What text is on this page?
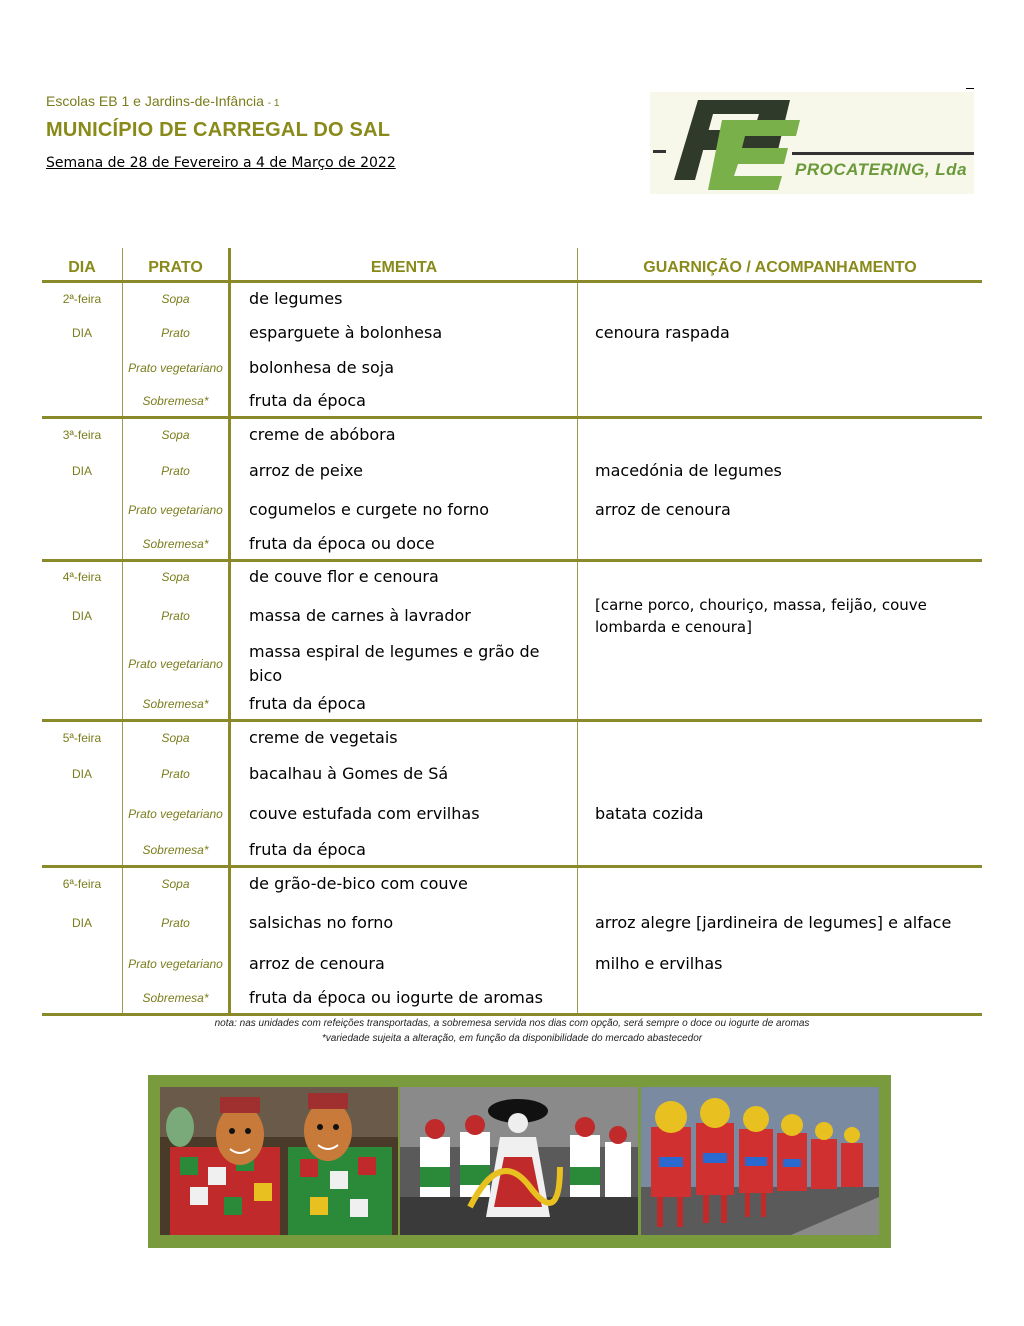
Escolas EB 1 e Jardins-de-Infância - 1
MUNICÍPIO DE CARREGAL DO SAL
Semana de 28 de Fevereiro a 4 de Março de 2022	PROCATERING, Lda
DIA	PRATO	EMENTA	GUARNIÇÃO / ACOMPANHAMENTO
2ª-feira	Sopa	de legumes	
DIA	Prato	esparguete à bolonhesa	cenoura raspada
	Prato vegetariano	bolonhesa de soja	
	Sobremesa*	fruta da época	
3ª-feira	Sopa	creme de abóbora	
DIA	Prato	arroz de peixe	macedónia de legumes
	Prato vegetariano	cogumelos e curgete no forno	arroz de cenoura
	Sobremesa*	fruta da época ou doce	
4ª-feira	Sopa	de couve flor e cenoura	
DIA	Prato	massa de carnes à lavrador	[carne porco, chouriço, massa, feijão, couve lombarda e cenoura]
	Prato vegetariano	massa espiral de legumes e grão de bico	
	Sobremesa*	fruta da época	
5ª-feira	Sopa	creme de vegetais	
DIA	Prato	bacalhau à Gomes de Sá	
	Prato vegetariano	couve estufada com ervilhas	batata cozida
	Sobremesa*	fruta da época	
6ª-feira	Sopa	de grão-de-bico com couve	
DIA	Prato	salsichas no forno	arroz alegre [jardineira de legumes] e alface
	Prato vegetariano	arroz de cenoura	milho e ervilhas
	Sobremesa*	fruta da época ou iogurte de aromas	
nota: nas unidades com refeições transportadas, a sobremesa servida nos dias com opção, será sempre o doce ou iogurte de aromas
*variedade sujeita a alteração, em função da disponibilidade do mercado abastecedor
